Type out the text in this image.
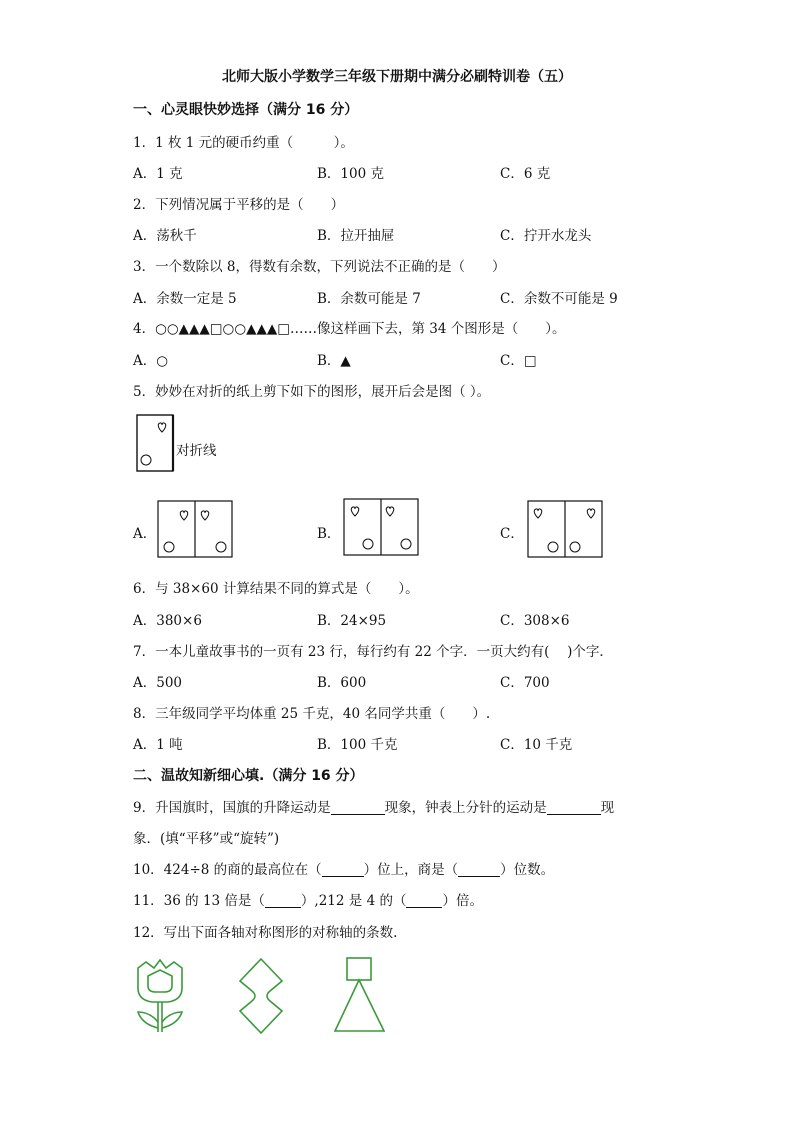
北师大版小学数学三年级下册期中满分必刷特训卷（五）
一、心灵眼快妙选择（满分 16 分）
1．1 枚 1 元的硬币约重（　　　）。
A．1 克	B．100 克	C．6 克
2．下列情况属于平移的是（　　）
A．荡秋千	B．拉开抽屉	C．拧开水龙头
3．一个数除以 8，得数有余数，下列说法不正确的是（　　）
A．余数一定是 5	B．余数可能是 7	C．余数不可能是 9
4．○○▲▲▲□○○▲▲▲□……像这样画下去，第 34 个图形是（　　）。
A．○	B．▲	C．□
5．妙妙在对折的纸上剪下如下的图形，展开后会是图（ ）。
对折线
A．	B．	C．
6．与 38×60 计算结果不同的算式是（　　）。
A．380×6	B．24×95	C．308×6
7．一本儿童故事书的一页有 23 行，每行约有 22 个字．一页大约有(　 )个字．
A．500	B．600	C．700
8．三年级同学平均体重 25 千克，40 名同学共重（　　）.
A．1 吨	B．100 千克	C．10 千克
二、温故知新细心填.（满分 16 分）
9．升国旗时，国旗的升降运动是	现象，钟表上分针的运动是	现
象．(填“平移”或“旋转”)
10．424÷8 的商的最高位在（	）位上，商是（	）位数。
11．36 的 13 倍是（	）,212 是 4 的（	）倍。
12．写出下面各轴对称图形的对称轴的条数.
